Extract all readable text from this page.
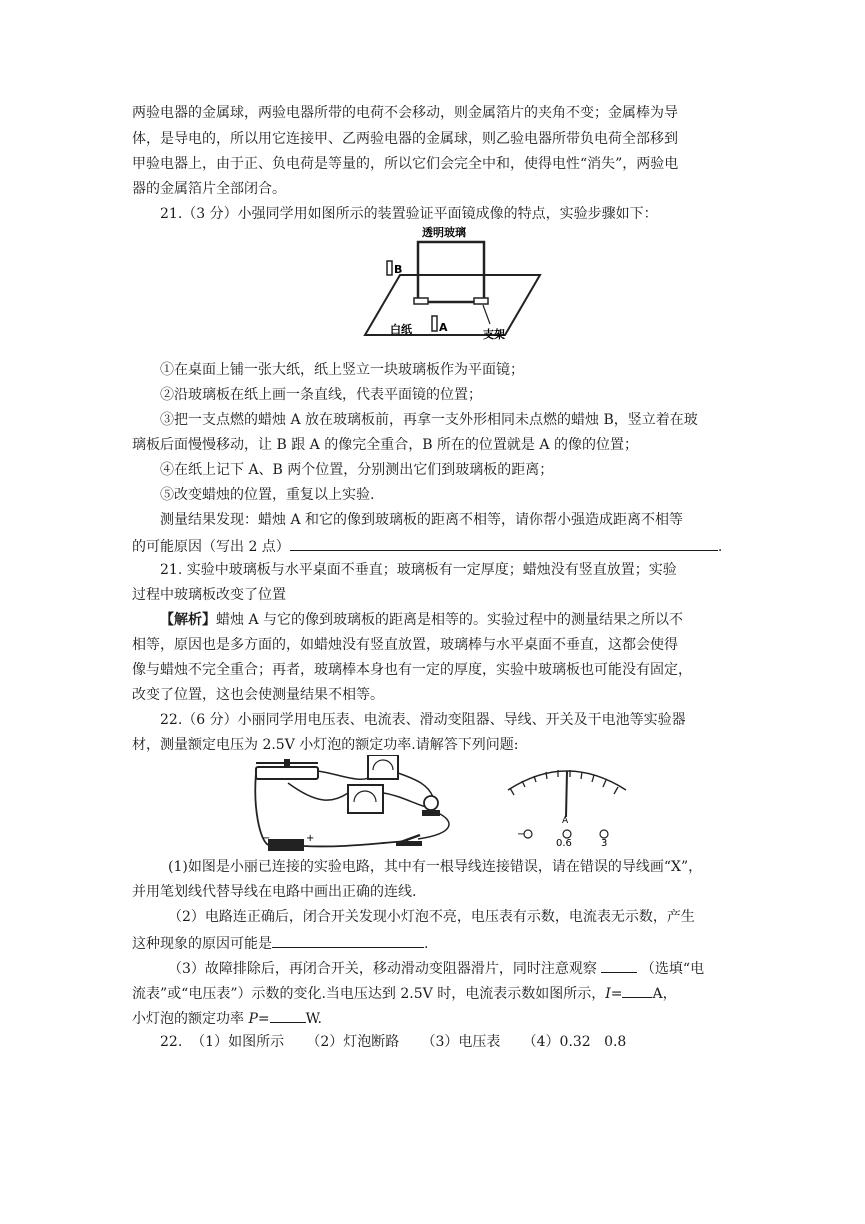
两验电器的金属球，两验电器所带的电荷不会移动，则金属箔片的夹角不变；金属棒为导
体，是导电的，所以用它连接甲、乙两验电器的金属球，则乙验电器所带负电荷全部移到
甲验电器上，由于正、负电荷是等量的，所以它们会完全中和，使得电性“消失”，两验电
器的金属箔片全部闭合。
21.（3 分）小强同学用如图所示的装置验证平面镜成像的特点，实验步骤如下：
透明玻璃
B
A
白纸	支架
①在桌面上铺一张大纸，纸上竖立一块玻璃板作为平面镜；
②沿玻璃板在纸上画一条直线，代表平面镜的位置；
③把一支点燃的蜡烛 A 放在玻璃板前，再拿一支外形相同未点燃的蜡烛 B，竖立着在玻
璃板后面慢慢移动，让 B 跟 A 的像完全重合，B 所在的位置就是 A 的像的位置；
④在纸上记下 A、B 两个位置，分别测出它们到玻璃板的距离；
⑤改变蜡烛的位置，重复以上实验.
测量结果发现：蜡烛 A 和它的像到玻璃板的距离不相等，请你帮小强造成距离不相等
的可能原因（写出 2 点）	.
21. 实验中玻璃板与水平桌面不垂直；玻璃板有一定厚度；蜡烛没有竖直放置；实验
过程中玻璃板改变了位置
【解析】蜡烛 A 与它的像到玻璃板的距离是相等的。实验过程中的测量结果之所以不
相等，原因也是多方面的，如蜡烛没有竖直放置，玻璃棒与水平桌面不垂直，这都会使得
像与蜡烛不完全重合；再者，玻璃棒本身也有一定的厚度，实验中玻璃板也可能没有固定，
改变了位置，这也会使测量结果不相等。
22.（6 分）小丽同学用电压表、电流表、滑动变阻器、导线、开关及干电池等实验器
材，测量额定电压为 2.5V 小灯泡的额定功率.请解答下列问题:
−	+
A
−
0.6	3
(1)如图是小丽已连接的实验电路，其中有一根导线连接错误，请在错误的导线画“X”，
并用笔划线代替导线在电路中画出正确的连线.
（2）电路连正确后，闭合开关发现小灯泡不亮，电压表有示数，电流表无示数，产生
这种现象的原因可能是	.
（3）故障排除后，再闭合开关，移动滑动变阻器滑片，同时注意观察	（选填“电
流表”或“电压表”）示数的变化.当电压达到 2.5V 时，电流表示数如图所示，I= A，
小灯泡的额定功率 P=	W.
22.  （1）如图所示     （2）灯泡断路     （3）电压表     （4）0.32   0.8
